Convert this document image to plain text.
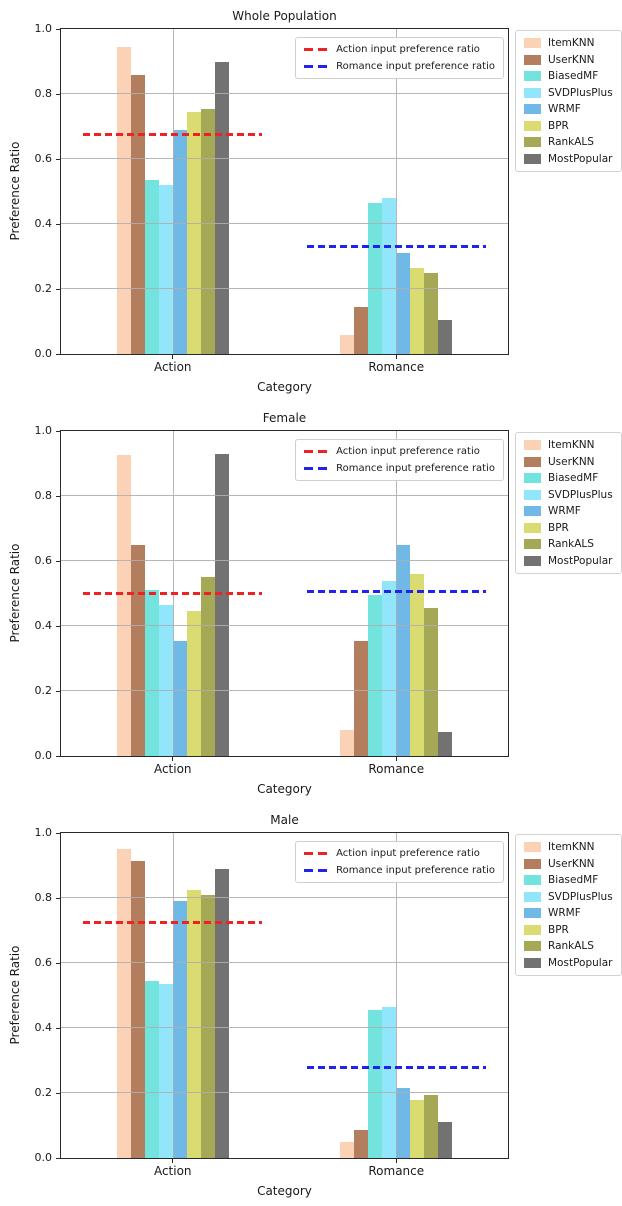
Whole Population
Action input preference ratio
Romance input preference ratio
0.0
0.2
0.4
0.6
0.8
1.0
Action	Romance
Category
Preference Ratio
ItemKNN
UserKNN
BiasedMF
SVDPlusPlus
WRMF
BPR
RankALS
MostPopular
Female
Action input preference ratio
Romance input preference ratio
0.0
0.2
0.4
0.6
0.8
1.0
Action	Romance
Category
Preference Ratio
ItemKNN
UserKNN
BiasedMF
SVDPlusPlus
WRMF
BPR
RankALS
MostPopular
Male
Action input preference ratio
Romance input preference ratio
0.0
0.2
0.4
0.6
0.8
1.0
Action	Romance
Category
Preference Ratio
ItemKNN
UserKNN
BiasedMF
SVDPlusPlus
WRMF
BPR
RankALS
MostPopular
